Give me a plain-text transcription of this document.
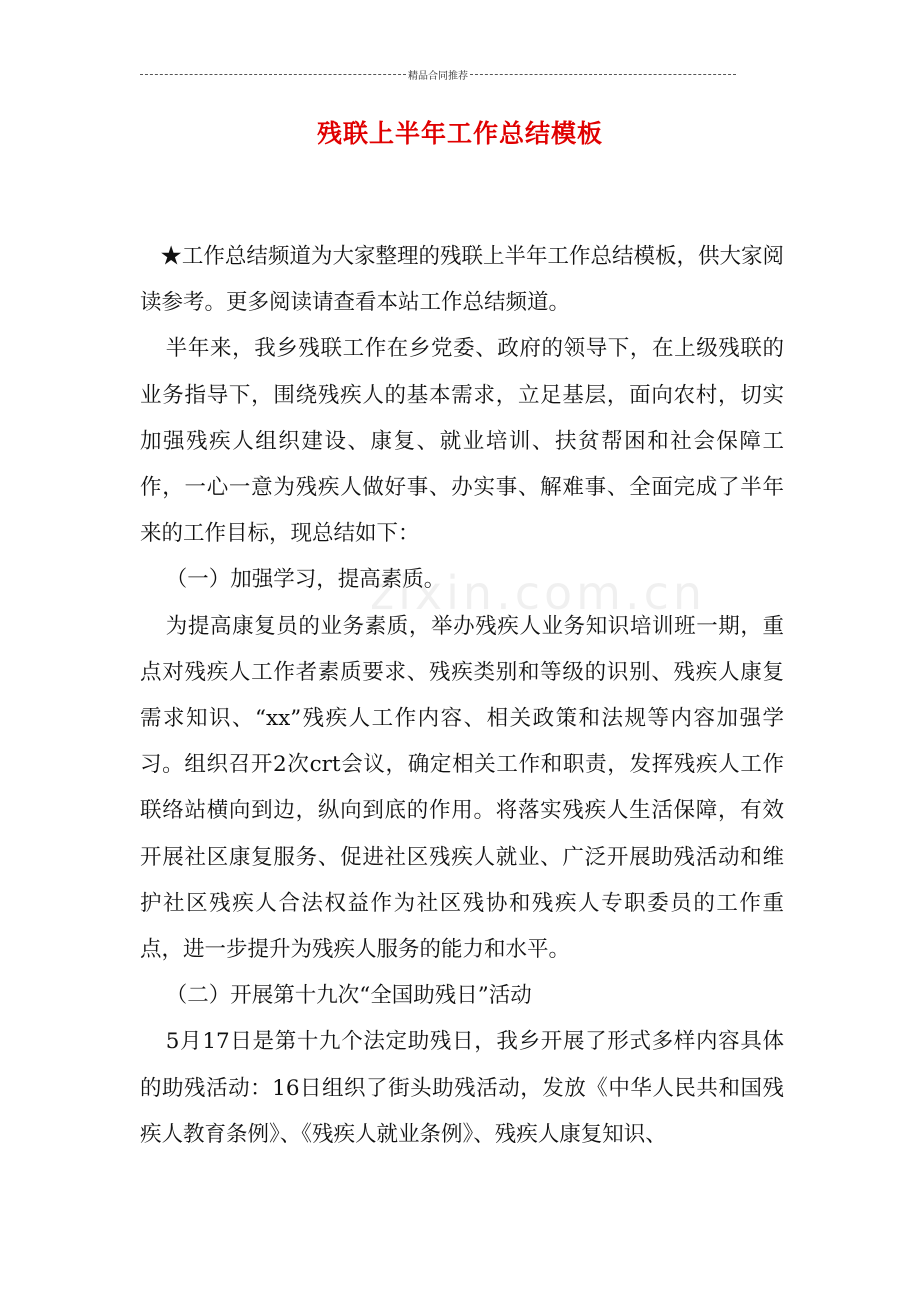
精品合同推荐
残联上半年工作总结模板
zixin.com.cn

★工作总结频道为大家整理的残联上半年工作总结模板，供大家阅读参考。更多阅读请查看本站工作总结频道。

半年来，我乡残联工作在乡党委、政府的领导下，在上级残联的业务指导下，围绕残疾人的基本需求，立足基层，面向农村，切实加强残疾人组织建设、康复、就业培训、扶贫帮困和社会保障工作，一心一意为残疾人做好事、办实事、解难事、全面完成了半年来的工作目标，现总结如下：

（一）加强学习，提高素质。

为提高康复员的业务素质，举办残疾人业务知识培训班一期，重点对残疾人工作者素质要求、残疾类别和等级的识别、残疾人康复需求知识、“xx”残疾人工作内容、相关政策和法规等内容加强学习。组织召开2次crt会议，确定相关工作和职责，发挥残疾人工作联络站横向到边，纵向到底的作用。将落实残疾人生活保障，有效开展社区康复服务、促进社区残疾人就业、广泛开展助残活动和维护社区残疾人合法权益作为社区残协和残疾人专职委员的工作重点，进一步提升为残疾人服务的能力和水平。

（二）开展第十九次“全国助残日”活动

5月17日是第十九个法定助残日，我乡开展了形式多样内容具体的助残活动：16日组织了街头助残活动，发放《中华人民共和国残疾人教育条例》、《残疾人就业条例》、残疾人康复知识、
